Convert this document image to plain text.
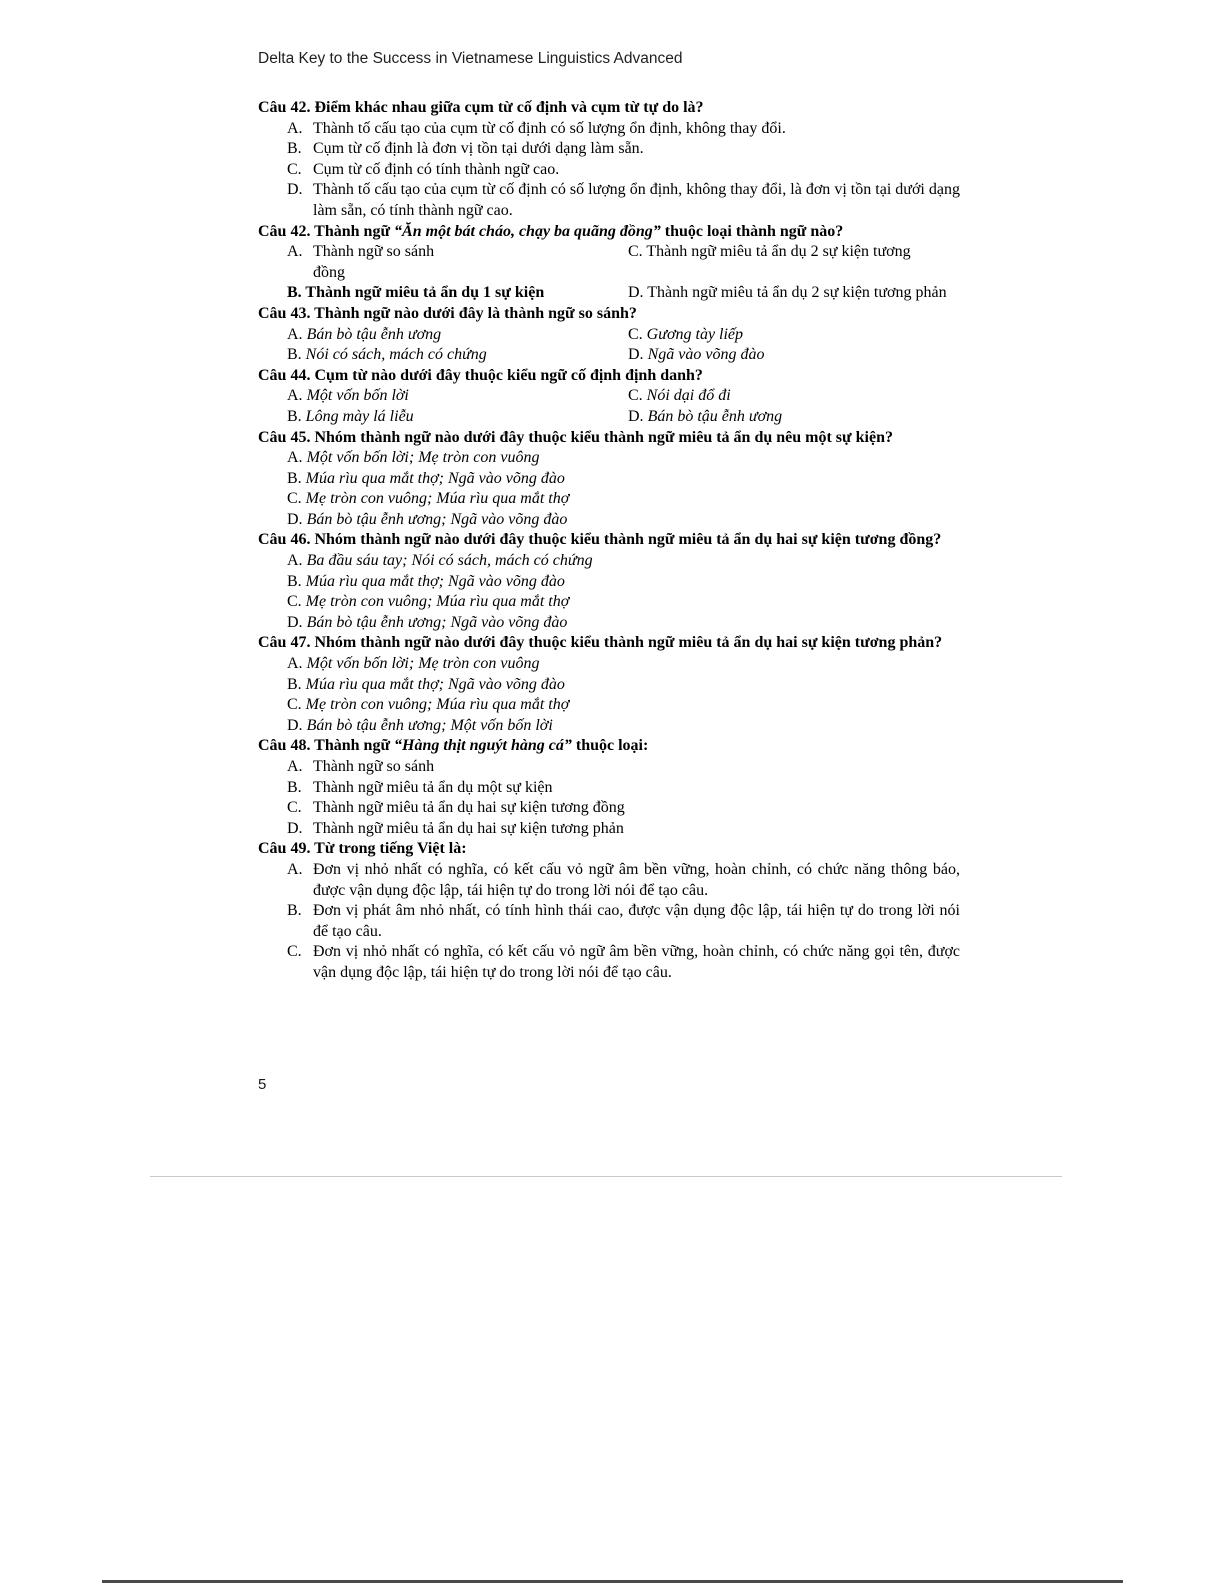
Delta Key to the Success in Vietnamese Linguistics Advanced

Câu 42. Điểm khác nhau giữa cụm từ cố định và cụm từ tự do là?

A. Thành tố cấu tạo của cụm từ cố định có số lượng ổn định, không thay đổi.
B. Cụm từ cố định là đơn vị tồn tại dưới dạng làm sẵn.
C. Cụm từ cố định có tính thành ngữ cao.
D. Thành tố cấu tạo của cụm từ cố định có số lượng ổn định, không thay đổi, là đơn vị tồn tại dưới dạng làm sẵn, có tính thành ngữ cao.

Câu 42. Thành ngữ “Ăn một bát cháo, chạy ba quãng đồng” thuộc loại thành ngữ nào?

A. Thành ngữ so sánh	C. Thành ngữ miêu tả ẩn dụ 2 sự kiện tương
đồng
B. Thành ngữ miêu tả ẩn dụ 1 sự kiện	D. Thành ngữ miêu tả ẩn dụ 2 sự kiện tương phản

Câu 43. Thành ngữ nào dưới đây là thành ngữ so sánh?

A. Bán bò tậu ễnh ương	C. Gương tày liếp
B. Nói có sách, mách có chứng	D. Ngã vào võng đào

Câu 44. Cụm từ nào dưới đây thuộc kiểu ngữ cố định định danh?

A. Một vốn bốn lời	C. Nói dại đổ đi
B. Lông mày lá liễu	D. Bán bò tậu ễnh ương

Câu 45. Nhóm thành ngữ nào dưới đây thuộc kiểu thành ngữ miêu tả ẩn dụ nêu một sự kiện?

A. Một vốn bốn lời; Mẹ tròn con vuông
B. Múa rìu qua mắt thợ; Ngã vào võng đào
C. Mẹ tròn con vuông; Múa rìu qua mắt thợ
D. Bán bò tậu ễnh ương; Ngã vào võng đào

Câu 46. Nhóm thành ngữ nào dưới đây thuộc kiểu thành ngữ miêu tả ẩn dụ hai sự kiện tương đồng?

A. Ba đầu sáu tay; Nói có sách, mách có chứng
B. Múa rìu qua mắt thợ; Ngã vào võng đào
C. Mẹ tròn con vuông; Múa rìu qua mắt thợ
D. Bán bò tậu ễnh ương; Ngã vào võng đào

Câu 47. Nhóm thành ngữ nào dưới đây thuộc kiểu thành ngữ miêu tả ẩn dụ hai sự kiện tương phản?

A. Một vốn bốn lời; Mẹ tròn con vuông
B. Múa rìu qua mắt thợ; Ngã vào võng đào
C. Mẹ tròn con vuông; Múa rìu qua mắt thợ
D. Bán bò tậu ễnh ương; Một vốn bốn lời

Câu 48. Thành ngữ “Hàng thịt nguýt hàng cá” thuộc loại:

A. Thành ngữ so sánh
B. Thành ngữ miêu tả ẩn dụ một sự kiện
C. Thành ngữ miêu tả ẩn dụ hai sự kiện tương đồng
D. Thành ngữ miêu tả ẩn dụ hai sự kiện tương phản

Câu 49. Từ trong tiếng Việt là:

A. Đơn vị nhỏ nhất có nghĩa, có kết cấu vỏ ngữ âm bền vững, hoàn chỉnh, có chức năng thông báo, được vận dụng độc lập, tái hiện tự do trong lời nói để tạo câu.
B. Đơn vị phát âm nhỏ nhất, có tính hình thái cao, được vận dụng độc lập, tái hiện tự do trong lời nói để tạo câu.
C. Đơn vị nhỏ nhất có nghĩa, có kết cấu vỏ ngữ âm bền vững, hoàn chỉnh, có chức năng gọi tên, được vận dụng độc lập, tái hiện tự do trong lời nói để tạo câu.
5
